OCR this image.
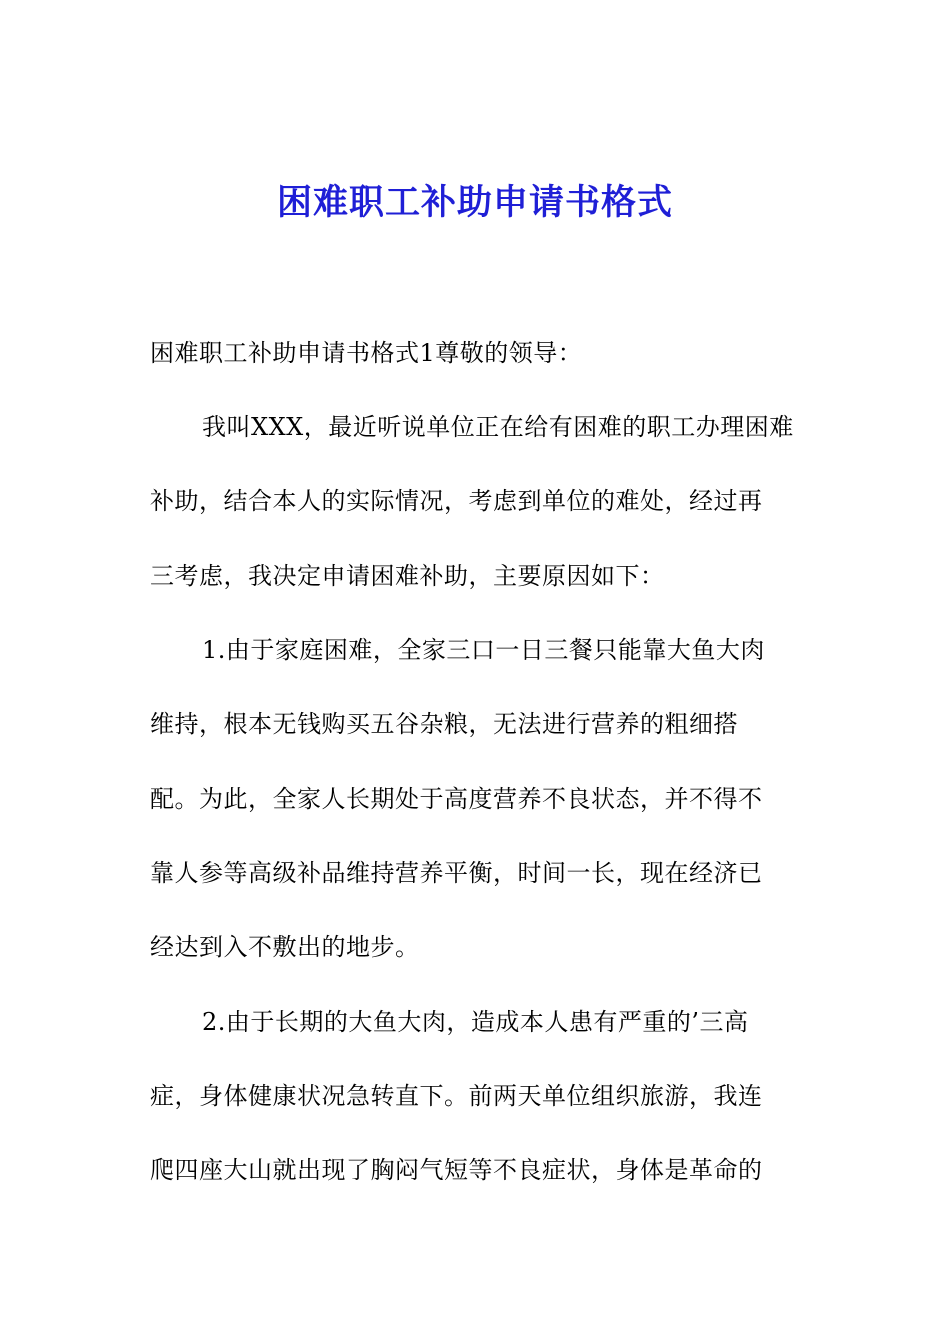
困难职工补助申请书格式

困难职工补助申请书格式1尊敬的领导：

我叫XXX，最近听说单位正在给有困难的职工办理困难

补助，结合本人的实际情况，考虑到单位的难处，经过再

三考虑，我决定申请困难补助，主要原因如下：

1.由于家庭困难，全家三口一日三餐只能靠大鱼大肉

维持，根本无钱购买五谷杂粮，无法进行营养的粗细搭

配。为此，全家人长期处于高度营养不良状态，并不得不

靠人参等高级补品维持营养平衡，时间一长，现在经济已

经达到入不敷出的地步。

2.由于长期的大鱼大肉，造成本人患有严重的’三高

症，身体健康状况急转直下。前两天单位组织旅游，我连

爬四座大山就出现了胸闷气短等不良症状，身体是革命的
